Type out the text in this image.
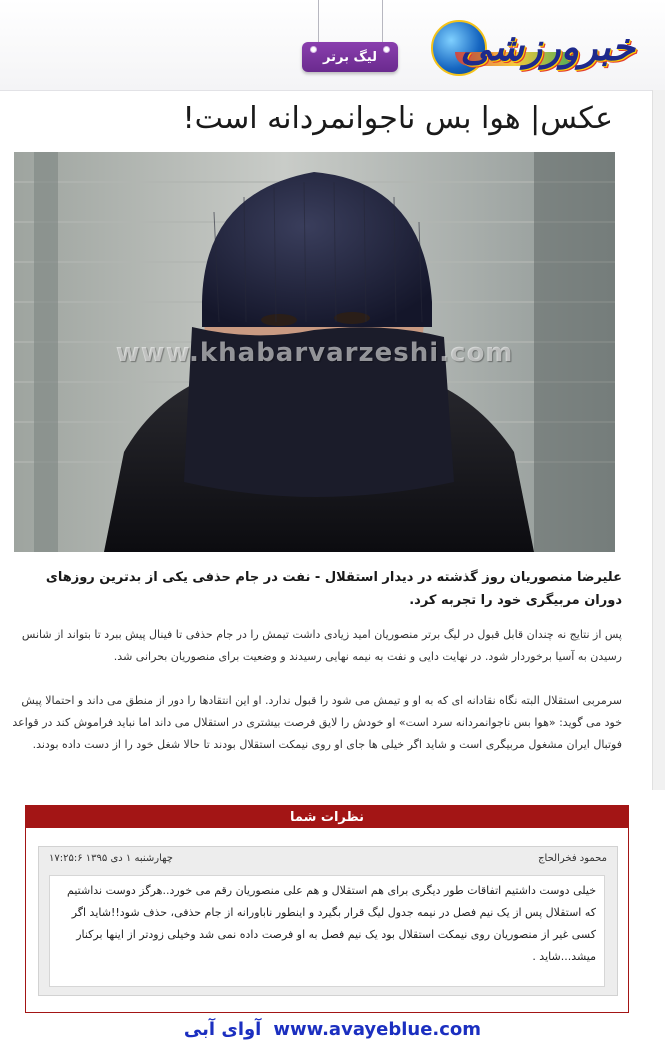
خبرورزشی
لیگ برتر
عکس| هوا بس ناجوانمردانه است!
www.khabarvarzeshi.com
علیرضا منصوریان روز گذشته در دیدار استقلال - نفت در جام حذفی یکی از بدترین روزهای دوران مربیگری خود را تجربه کرد.
پس از نتایج نه چندان قابل قبول در لیگ برتر منصوریان امید زیادی داشت تیمش را در جام حذفی تا فینال پیش ببرد تا بتواند از شانس رسیدن به آسیا برخوردار شود. در نهایت دایی و نفت به نیمه نهایی رسیدند و وضعیت برای منصوریان بحرانی شد.
سرمربی استقلال البته نگاه نقادانه ای که به او و تیمش می شود را قبول ندارد. او این انتقادها را دور از منطق می داند و احتمالا پیش خود می گوید: «هوا بس ناجوانمردانه سرد است» او خودش را لایق فرصت بیشتری در استقلال می داند اما نباید فراموش کند در قواعد فوتبال ایران مشغول مربیگری است و شاید اگر خیلی ها جای او روی نیمکت استقلال بودند تا حالا شغل خود را از دست داده بودند.
نظرات شما
محمود فخرالحاج
چهارشنبه ۱ دی ۱۳۹۵ ۱۷:۲۵:۶
خیلی دوست داشتیم اتفاقات طور دیگری برای هم استقلال و هم علی منصوریان رقم می خورد..هرگز دوست نداشتیم که استقلال پس از یک نیم فصل در نیمه جدول لیگ قرار بگیرد و اینطور ناباورانه از جام حذفی، حذف شود!!شاید اگر کسی غیر از منصوریان روی نیمکت استقلال بود یک نیم فصل به او فرصت داده نمی شد وخیلی زودتر از اینها برکنار میشد...شاید .
آوای آبی www.avayeblue.com
